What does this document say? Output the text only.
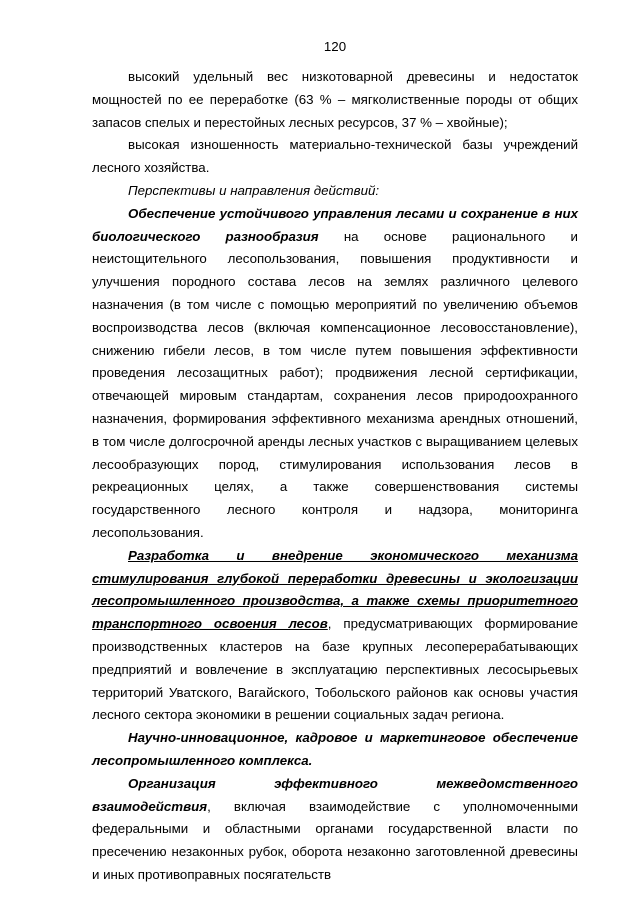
120

высокий удельный вес низкотоварной древесины и недостаток мощностей по ее переработке (63 % – мягколиственные породы от общих запасов спелых и перестойных лесных ресурсов, 37 % – хвойные);

высокая изношенность материально-технической базы учреждений лесного хозяйства.

Перспективы и направления действий:

Обеспечение устойчивого управления лесами и сохранение в них биологического разнообразия на основе рационального и неистощительного лесопользования, повышения продуктивности и улучшения породного состава лесов на землях различного целевого назначения (в том числе с помощью мероприятий по увеличению объемов воспроизводства лесов (включая компенсационное лесовосстановление), снижению гибели лесов, в том числе путем повышения эффективности проведения лесозащитных работ); продвижения лесной сертификации, отвечающей мировым стандартам, сохранения лесов природоохранного назначения, формирования эффективного механизма арендных отношений, в том числе долгосрочной аренды лесных участков с выращиванием целевых лесообразующих пород, стимулирования использования лесов в рекреационных целях, а также совершенствования системы государственного лесного контроля и надзора, мониторинга лесопользования.

Разработка и внедрение экономического механизма стимулирования глубокой переработки древесины и экологизации лесопромышленного производства, а также схемы приоритетного транспортного освоения лесов, предусматривающих формирование производственных кластеров на базе крупных лесоперерабатывающих предприятий и вовлечение в эксплуатацию перспективных лесосырьевых территорий Уватского, Вагайского, Тобольского районов как основы участия лесного сектора экономики в решении социальных задач региона.

Научно-инновационное, кадровое и маркетинговое обеспечение лесопромышленного комплекса.

Организация эффективного межведомственного взаимодействия, включая взаимодействие с уполномоченными федеральными и областными органами государственной власти по пресечению незаконных рубок, оборота незаконно заготовленной древесины и иных противоправных посягательств
